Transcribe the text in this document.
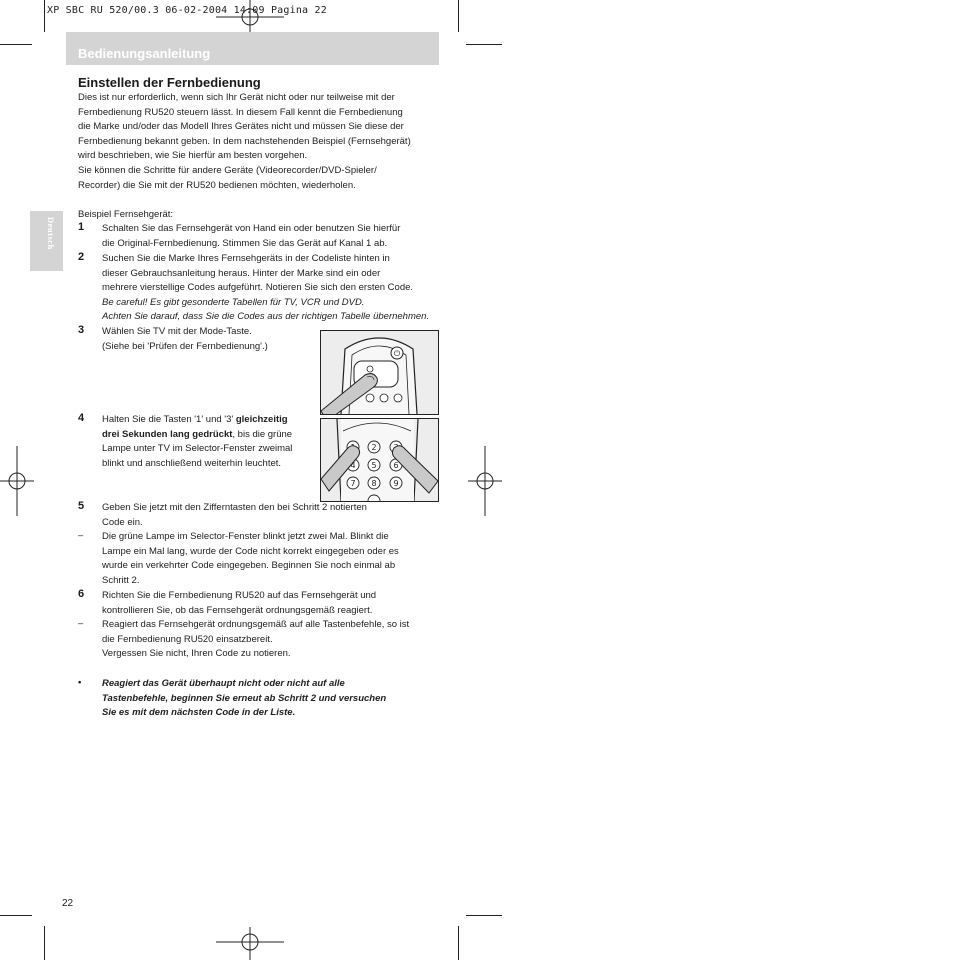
XP SBC RU 520/00.3 06-02-2004 14:09 Pagina 22
Bedienungsanleitung
Deutsch
Einstellen der Fernbedienung
Dies ist nur erforderlich, wenn sich Ihr Gerät nicht oder nur teilweise mit der
Fernbedienung RU520 steuern lässt. In diesem Fall kennt die Fernbedienung
die Marke und/oder das Modell Ihres Gerätes nicht und müssen Sie diese der
Fernbedienung bekannt geben. In dem nachstehenden Beispiel (Fernsehgerät)
wird beschrieben, wie Sie hierfür am besten vorgehen.
Sie können die Schritte für andere Geräte (Videorecorder/DVD-Spieler/
Recorder) die Sie mit der RU520 bedienen möchten, wiederholen.
Beispiel Fernsehgerät:
1 Schalten Sie das Fernsehgerät von Hand ein oder benutzen Sie hierfür
die Original-Fernbedienung. Stimmen Sie das Gerät auf Kanal 1 ab.
2 Suchen Sie die Marke Ihres Fernsehgeräts in der Codeliste hinten in
dieser Gebrauchsanleitung heraus. Hinter der Marke sind ein oder
mehrere vierstellige Codes aufgeführt. Notieren Sie sich den ersten Code.
Be careful! Es gibt gesonderte Tabellen für TV, VCR und DVD.
Achten Sie darauf, dass Sie die Codes aus der richtigen Tabelle übernehmen.
3 Wählen Sie TV mit der Mode-Taste.
(Siehe bei 'Prüfen der Fernbedienung'.)
⏻
4 Halten Sie die Tasten '1' und '3' gleichzeitig
drei Sekunden lang gedrückt, bis die grüne
Lampe unter TV im Selector-Fenster zweimal
blinkt und anschließend weiterhin leuchtet.
2
4 5 6
7 8 9
5 Geben Sie jetzt mit den Zifferntasten den bei Schritt 2 notierten
Code ein.
– Die grüne Lampe im Selector-Fenster blinkt jetzt zwei Mal. Blinkt die
Lampe ein Mal lang, wurde der Code nicht korrekt eingegeben oder es
wurde ein verkehrter Code eingegeben. Beginnen Sie noch einmal ab
Schritt 2.
6 Richten Sie die Fernbedienung RU520 auf das Fernsehgerät und
kontrollieren Sie, ob das Fernsehgerät ordnungsgemäß reagiert.
– Reagiert das Fernsehgerät ordnungsgemäß auf alle Tastenbefehle, so ist
die Fernbedienung RU520 einsatzbereit.
Vergessen Sie nicht, Ihren Code zu notieren.
• Reagiert das Gerät überhaupt nicht oder nicht auf alle
Tastenbefehle, beginnen Sie erneut ab Schritt 2 und versuchen
Sie es mit dem nächsten Code in der Liste.
22
